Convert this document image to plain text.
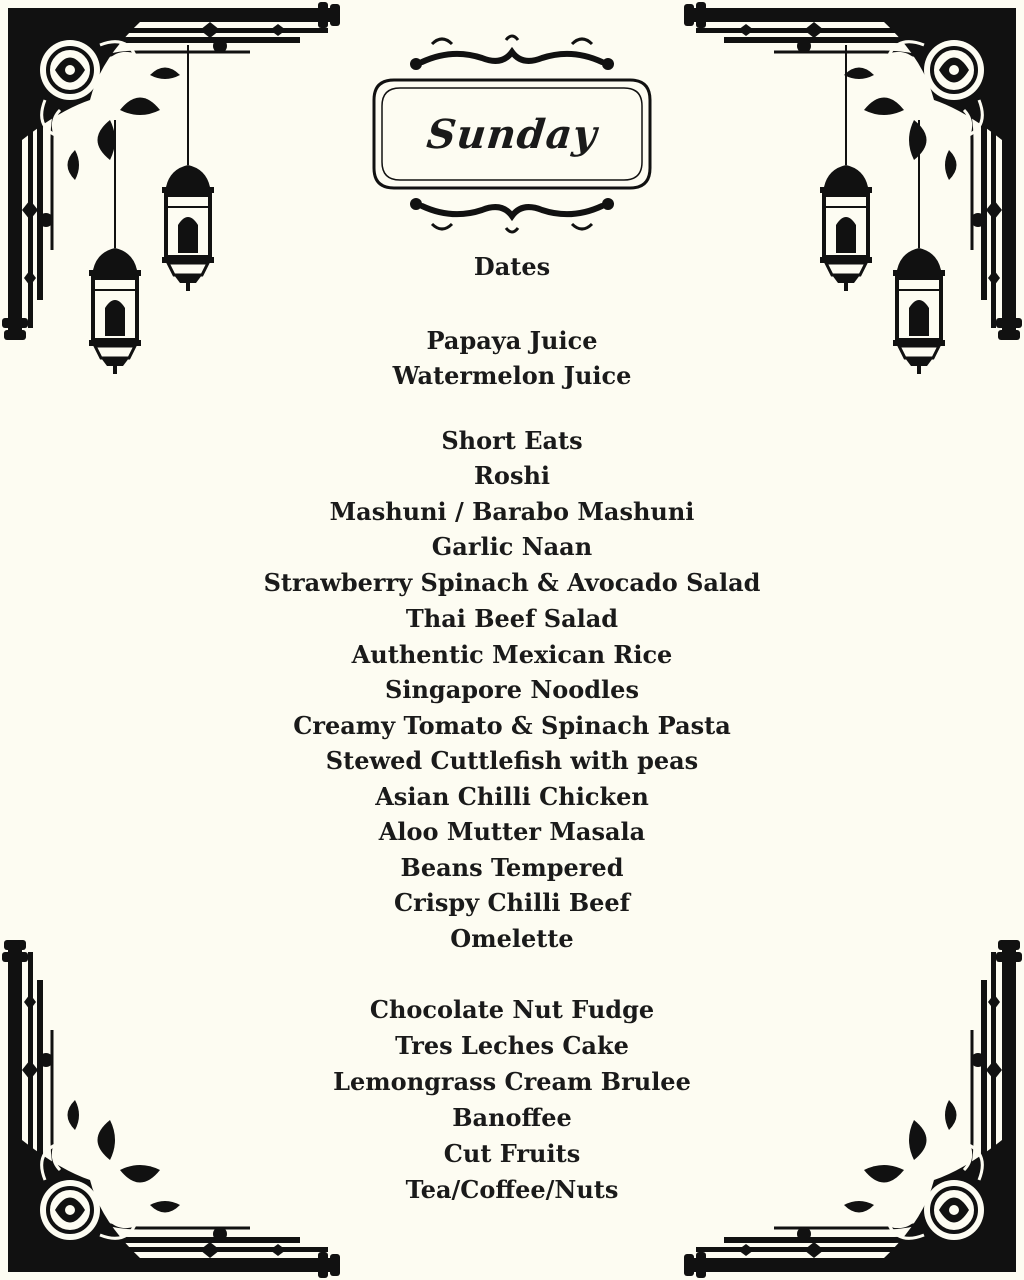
Sunday
Dates
Papaya Juice
Watermelon Juice
Short Eats
Roshi
Mashuni / Barabo Mashuni
Garlic Naan
Strawberry Spinach & Avocado Salad
Thai Beef Salad
Authentic Mexican Rice
Singapore Noodles
Creamy Tomato & Spinach Pasta
Stewed Cuttlefish with peas
Asian Chilli Chicken
Aloo Mutter Masala
Beans Tempered
Crispy Chilli Beef
Omelette
Chocolate Nut Fudge
Tres Leches Cake
Lemongrass Cream Brulee
Banoffee
Cut Fruits
Tea/Coffee/Nuts
